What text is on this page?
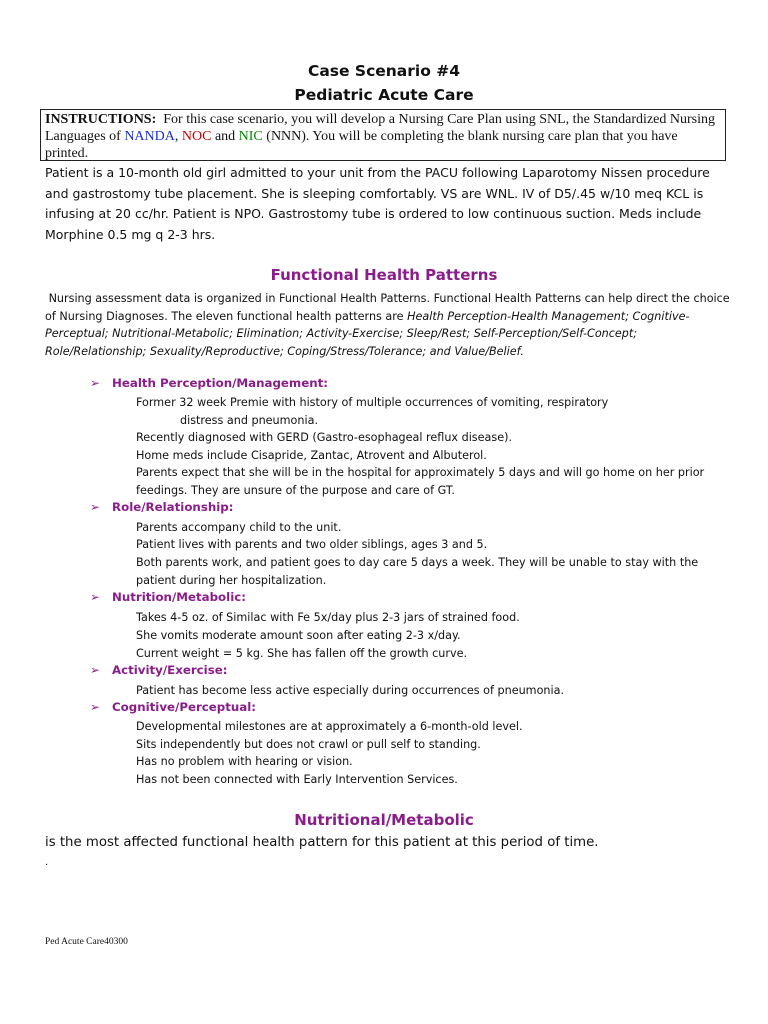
Case Scenario #4
Pediatric Acute Care
INSTRUCTIONS: For this case scenario, you will develop a Nursing Care Plan using SNL, the Standardized Nursing Languages of NANDA, NOC and NIC (NNN). You will be completing the blank nursing care plan that you have printed.
Patient is a 10-month old girl admitted to your unit from the PACU following Laparotomy Nissen procedure and gastrostomy tube placement. She is sleeping comfortably. VS are WNL. IV of D5/.45 w/10 meq KCL is infusing at 20 cc/hr. Patient is NPO. Gastrostomy tube is ordered to low continuous suction. Meds include Morphine 0.5 mg q 2-3 hrs.
Functional Health Patterns
Nursing assessment data is organized in Functional Health Patterns. Functional Health Patterns can help direct the choice of Nursing Diagnoses. The eleven functional health patterns are Health Perception-Health Management; Cognitive-Perceptual; Nutritional-Metabolic; Elimination; Activity-Exercise; Sleep/Rest; Self-Perception/Self-Concept; Role/Relationship; Sexuality/Reproductive; Coping/Stress/Tolerance; and Value/Belief.
➢ Health Perception/Management:
Former 32 week Premie with history of multiple occurrences of vomiting, respiratory
distress and pneumonia.
Recently diagnosed with GERD (Gastro-esophageal reflux disease).
Home meds include Cisapride, Zantac, Atrovent and Albuterol.
Parents expect that she will be in the hospital for approximately 5 days and will go home on her prior feedings. They are unsure of the purpose and care of GT.
➢ Role/Relationship:
Parents accompany child to the unit.
Patient lives with parents and two older siblings, ages 3 and 5.
Both parents work, and patient goes to day care 5 days a week. They will be unable to stay with the patient during her hospitalization.
➢ Nutrition/Metabolic:
Takes 4-5 oz. of Similac with Fe 5x/day plus 2-3 jars of strained food.
She vomits moderate amount soon after eating 2-3 x/day.
Current weight = 5 kg. She has fallen off the growth curve.
➢ Activity/Exercise:
Patient has become less active especially during occurrences of pneumonia.
➢ Cognitive/Perceptual:
Developmental milestones are at approximately a 6-month-old level.
Sits independently but does not crawl or pull self to standing.
Has no problem with hearing or vision.
Has not been connected with Early Intervention Services.
Nutritional/Metabolic
is the most affected functional health pattern for this patient at this period of time.
.
Ped Acute Care40300
